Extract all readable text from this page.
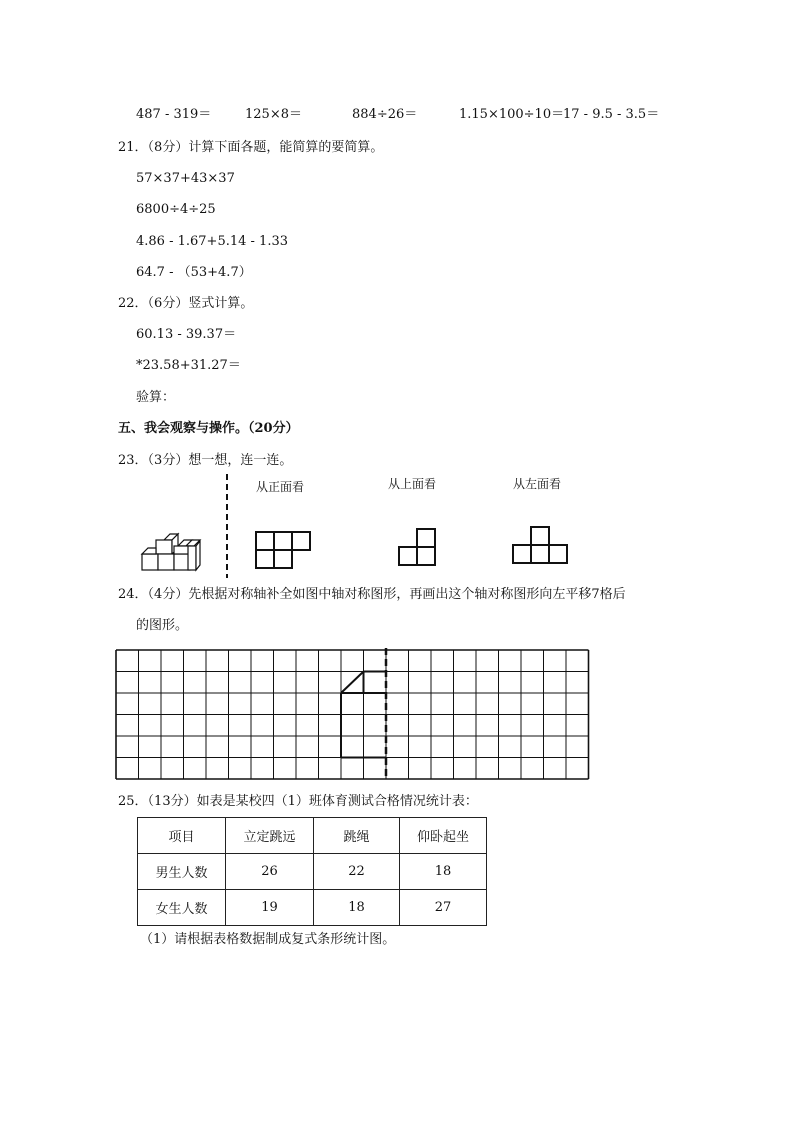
487 - 319＝	125×8＝	884÷26＝	1.15×100÷10＝
17 - 9.5 - 3.5＝
21．（8分）计算下面各题，能简算的要简算。
57×37+43×37
6800÷4÷25
4.86 - 1.67+5.14 - 1.33
64.7 - （53+4.7）
22．（6分）竖式计算。
60.13 - 39.37＝
*23.58+31.27＝
验算：
五、我会观察与操作。（20分）
23．（3分）想一想，连一连。
从正面看	从上面看	从左面看
24．（4分）先根据对称轴补全如图中轴对称图形，再画出这个轴对称图形向左平移7格后
的图形。
25．（13分）如表是某校四（1）班体育测试合格情况统计表：
项目	立定跳远	跳绳	仰卧起坐
男生人数	26	22	18
女生人数	19	18	27
（1）请根据表格数据制成复式条形统计图。
